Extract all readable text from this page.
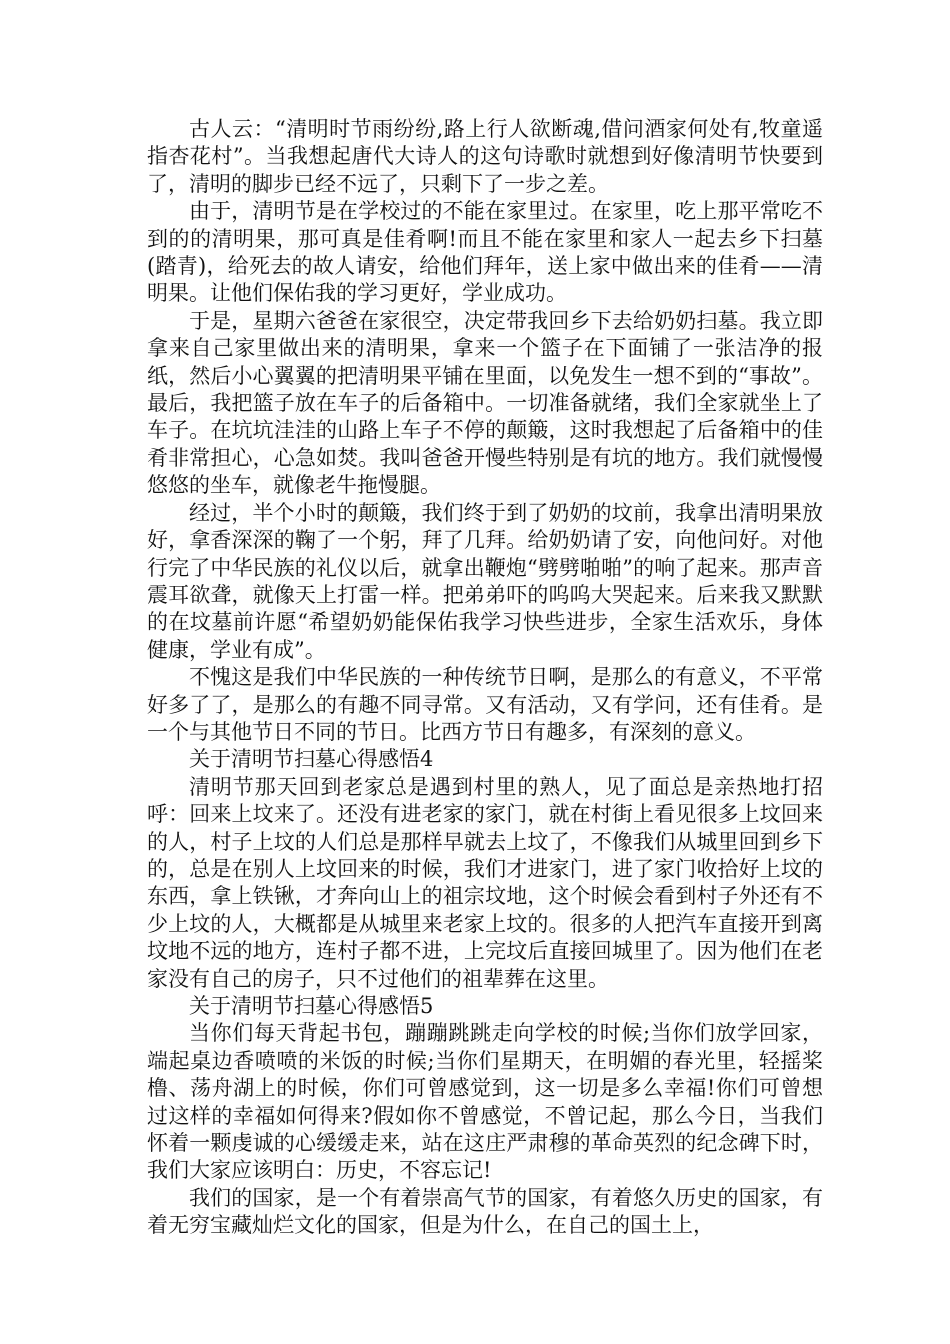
古人云：“清明时节雨纷纷,路上行人欲断魂,借问酒家何处有,牧童遥指杏花村”。当我想起唐代大诗人的这句诗歌时就想到好像清明节快要到了，清明的脚步已经不远了，只剩下了一步之差。

由于，清明节是在学校过的不能在家里过。在家里，吃上那平常吃不到的的清明果，那可真是佳肴啊!而且不能在家里和家人一起去乡下扫墓(踏青)，给死去的故人请安，给他们拜年，送上家中做出来的佳肴——清明果。让他们保佑我的学习更好，学业成功。

于是，星期六爸爸在家很空，决定带我回乡下去给奶奶扫墓。我立即拿来自己家里做出来的清明果，拿来一个篮子在下面铺了一张洁净的报纸，然后小心翼翼的把清明果平铺在里面，以免发生一想不到的“事故”。最后，我把篮子放在车子的后备箱中。一切准备就绪，我们全家就坐上了车子。在坑坑洼洼的山路上车子不停的颠簸，这时我想起了后备箱中的佳肴非常担心，心急如焚。我叫爸爸开慢些特别是有坑的地方。我们就慢慢悠悠的坐车，就像老牛拖慢腿。

经过，半个小时的颠簸，我们终于到了奶奶的坟前，我拿出清明果放好，拿香深深的鞠了一个躬，拜了几拜。给奶奶请了安，向他问好。对他行完了中华民族的礼仪以后，就拿出鞭炮“劈劈啪啪”的响了起来。那声音震耳欲聋，就像天上打雷一样。把弟弟吓的呜呜大哭起来。后来我又默默的在坟墓前许愿“希望奶奶能保佑我学习快些进步，全家生活欢乐，身体健康，学业有成”。

不愧这是我们中华民族的一种传统节日啊，是那么的有意义，不平常好多了了，是那么的有趣不同寻常。又有活动，又有学问，还有佳肴。是一个与其他节日不同的节日。比西方节日有趣多，有深刻的意义。

关于清明节扫墓心得感悟4

清明节那天回到老家总是遇到村里的熟人，见了面总是亲热地打招呼：回来上坟来了。还没有进老家的家门，就在村街上看见很多上坟回来的人，村子上坟的人们总是那样早就去上坟了，不像我们从城里回到乡下的，总是在别人上坟回来的时候，我们才进家门，进了家门收拾好上坟的东西，拿上铁锹，才奔向山上的祖宗坟地，这个时候会看到村子外还有不少上坟的人，大概都是从城里来老家上坟的。很多的人把汽车直接开到离坟地不远的地方，连村子都不进，上完坟后直接回城里了。因为他们在老家没有自己的房子，只不过他们的祖辈葬在这里。

关于清明节扫墓心得感悟5

当你们每天背起书包，蹦蹦跳跳走向学校的时候;当你们放学回家，端起桌边香喷喷的米饭的时候;当你们星期天，在明媚的春光里，轻摇桨橹、荡舟湖上的时候，你们可曾感觉到，这一切是多么幸福!你们可曾想过这样的幸福如何得来?假如你不曾感觉，不曾记起，那么今日，当我们怀着一颗虔诚的心缓缓走来，站在这庄严肃穆的革命英烈的纪念碑下时，我们大家应该明白：历史，不容忘记!

我们的国家，是一个有着崇高气节的国家，有着悠久历史的国家，有着无穷宝藏灿烂文化的国家，但是为什么，在自己的国土上，
